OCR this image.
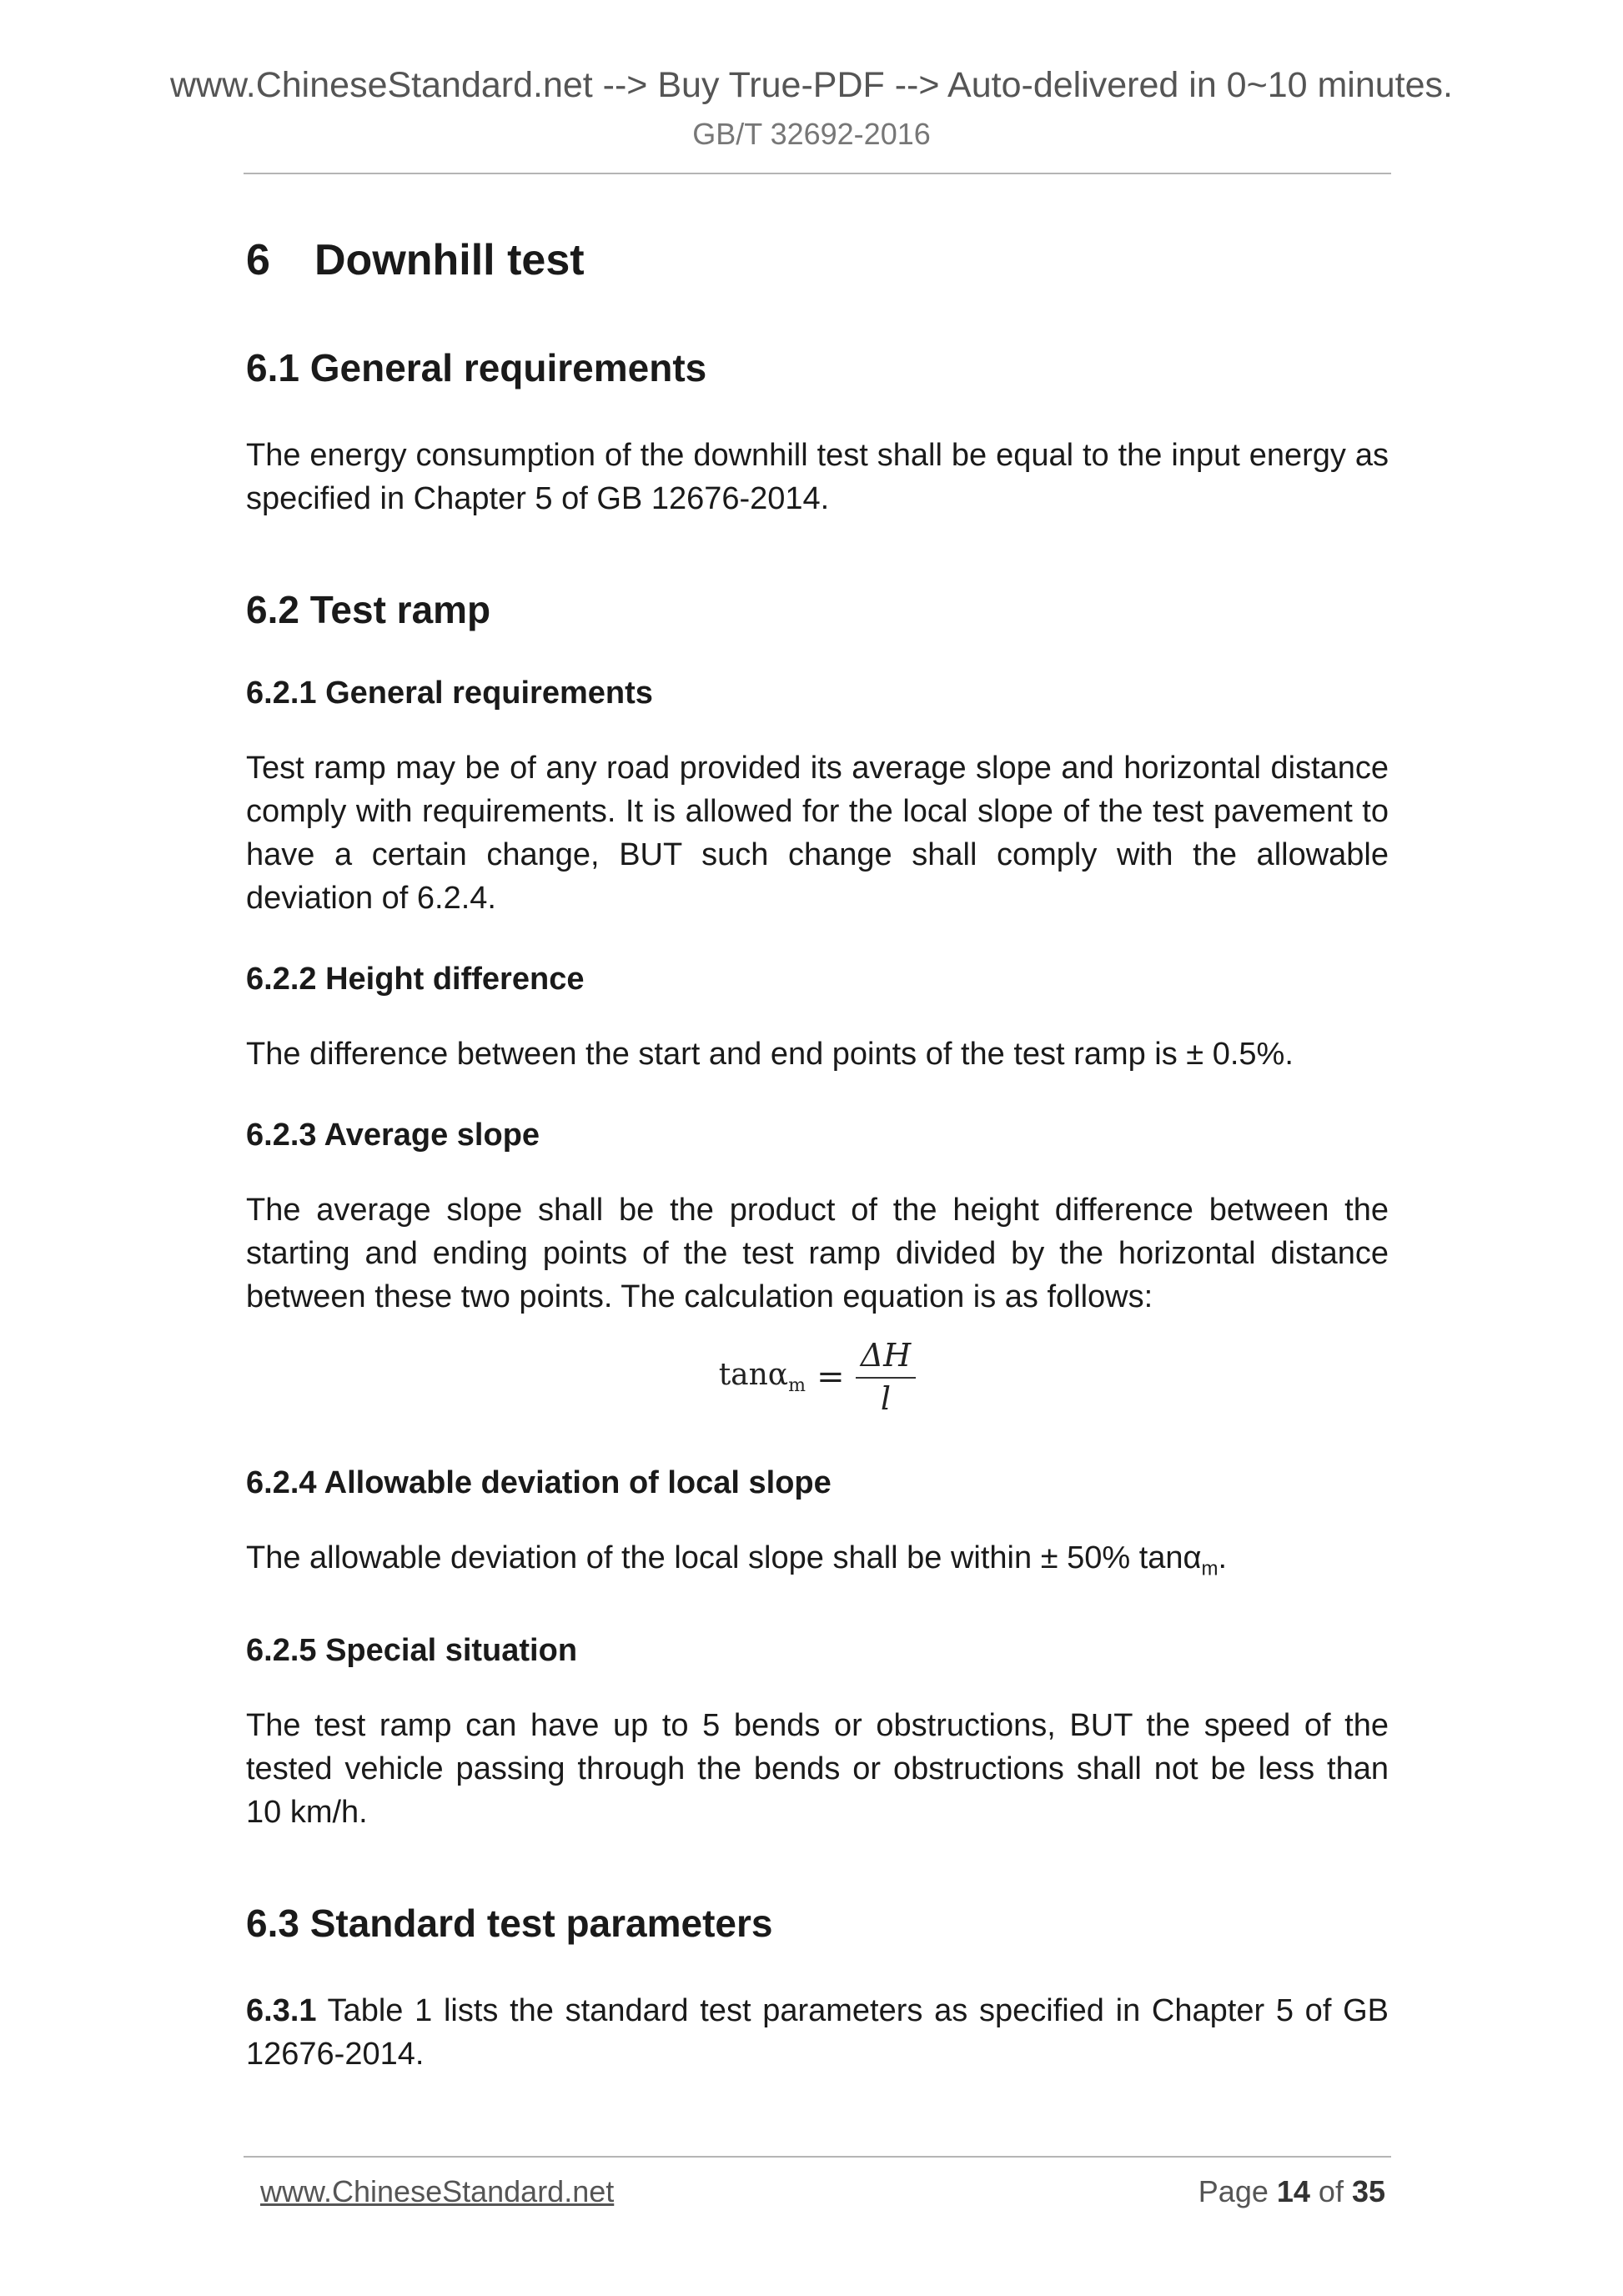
www.ChineseStandard.net --> Buy True-PDF --> Auto-delivered in 0~10 minutes.
GB/T 32692-2016
6 Downhill test
6.1 General requirements

The energy consumption of the downhill test shall be equal to the input energy as specified in Chapter 5 of GB 12676-2014.

6.2 Test ramp
6.2.1 General requirements

Test ramp may be of any road provided its average slope and horizontal distance comply with requirements. It is allowed for the local slope of the test pavement to have a certain change, BUT such change shall comply with the allowable deviation of 6.2.4.

6.2.2 Height difference

The difference between the start and end points of the test ramp is ± 0.5%.

6.2.3 Average slope

The average slope shall be the product of the height difference between the starting and ending points of the test ramp divided by the horizontal distance between these two points. The calculation equation is as follows:

$\tan\alpha_m = \frac{\Delta H}{l}$
6.2.4 Allowable deviation of local slope

The allowable deviation of the local slope shall be within ± 50% tanα$_m$.

6.2.5 Special situation

The test ramp can have up to 5 bends or obstructions, BUT the speed of the tested vehicle passing through the bends or obstructions shall not be less than 10 km/h.

6.3 Standard test parameters

6.3.1 Table 1 lists the standard test parameters as specified in Chapter 5 of GB 12676-2014.

www.ChineseStandard.net	Page 14 of 35
